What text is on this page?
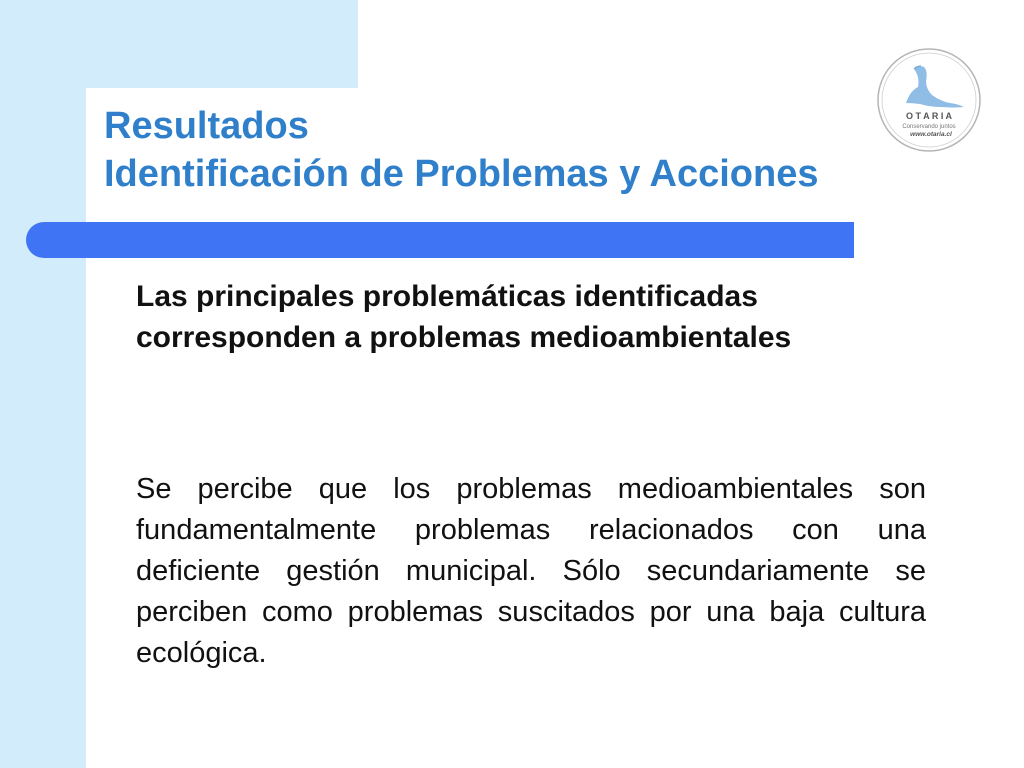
Resultados
Identificación de Problemas y Acciones

Las principales problemáticas identificadas corresponden a problemas medioambientales

Se percibe que los problemas medioambientales son fundamentalmente problemas relacionados con una deficiente gestión municipal. Sólo secundariamente se perciben como problemas suscitados por una baja cultura ecológica.

O T A R I A
Conservando juntos
www.otaria.cl
